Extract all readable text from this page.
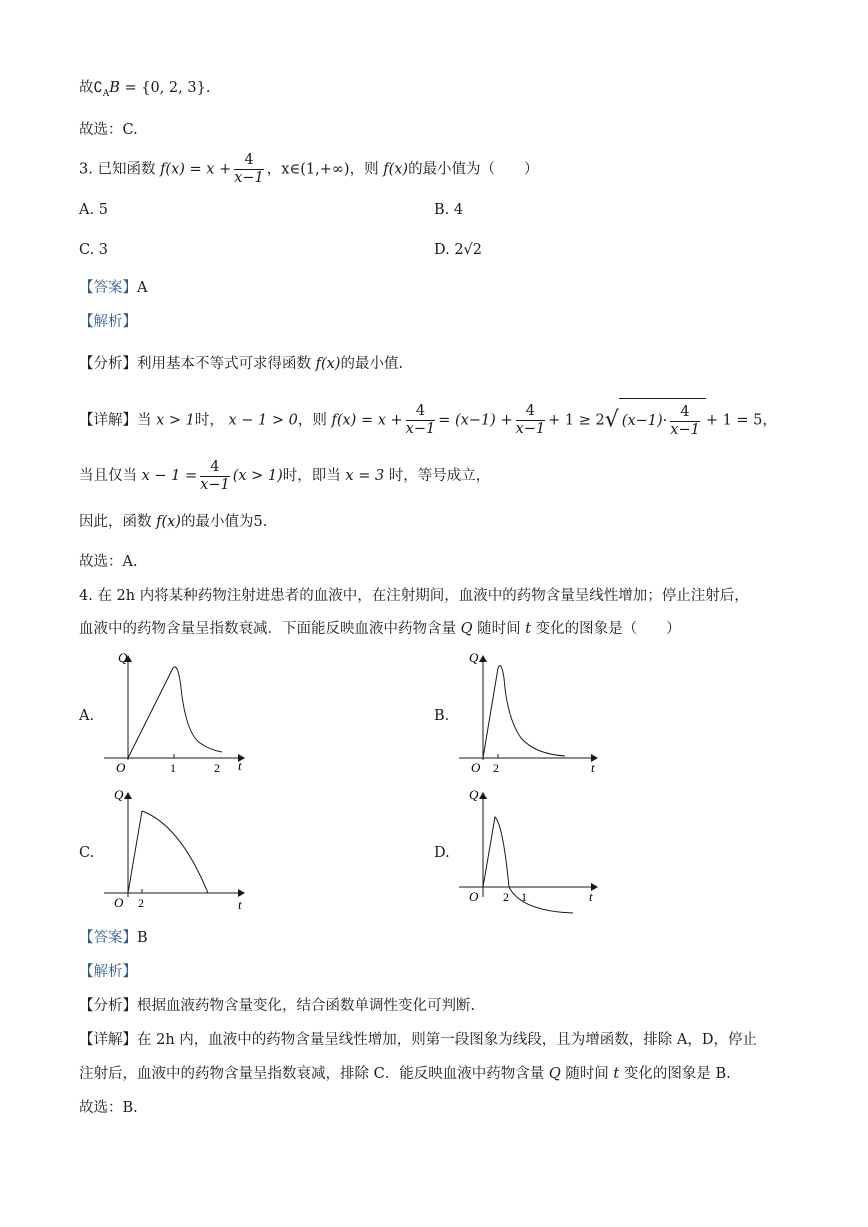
故$∁_AB = \{0$, 2, 3}.
故选：C.
3. 已知函数 $f(x) = x + \frac{4}{x-1}$ ，x∈(1,+∞)，则 f(x)的最小值为（　　）
A. 5	B. 4
C. 3	D. 2√2
【答案】A
【解析】
【分析】利用基本不等式可求得函数 f(x)的最小值.
【详解】当 x > 1时， x − 1 > 0，则 $f(x) = x + \frac{4}{x-1} = (x-1) + \frac{4}{x-1} + 1 \ge 2√$ $(x-1)\cdot \frac{4}{x-1} + 1 = 5$，
当且仅当 $x - 1 = \frac{4}{x-1} (x > 1)$时，即当 x = 3 时，等号成立，
因此，函数 f(x)的最小值为5.
故选：A.
4. 在 2h 内将某种药物注射进患者的血液中，在注射期间，血液中的药物含量呈线性增加；停止注射后，
血液中的药物含量呈指数衰减．下面能反映血液中药物含量 Q 随时间 t 变化的图象是（　　）
A.	B.
C.	D.
Q
O	1	2 t
Q
O 2	t
Q
O 2	t
Q
O 2 1	t
【答案】B
【解析】
【分析】根据血液药物含量变化，结合函数单调性变化可判断.
【详解】在 2h 内，血液中的药物含量呈线性增加，则第一段图象为线段，且为增函数，排除 A，D，停止
注射后，血液中的药物含量呈指数衰减，排除 C．能反映血液中药物含量 Q 随时间 t 变化的图象是 B.
故选：B.
